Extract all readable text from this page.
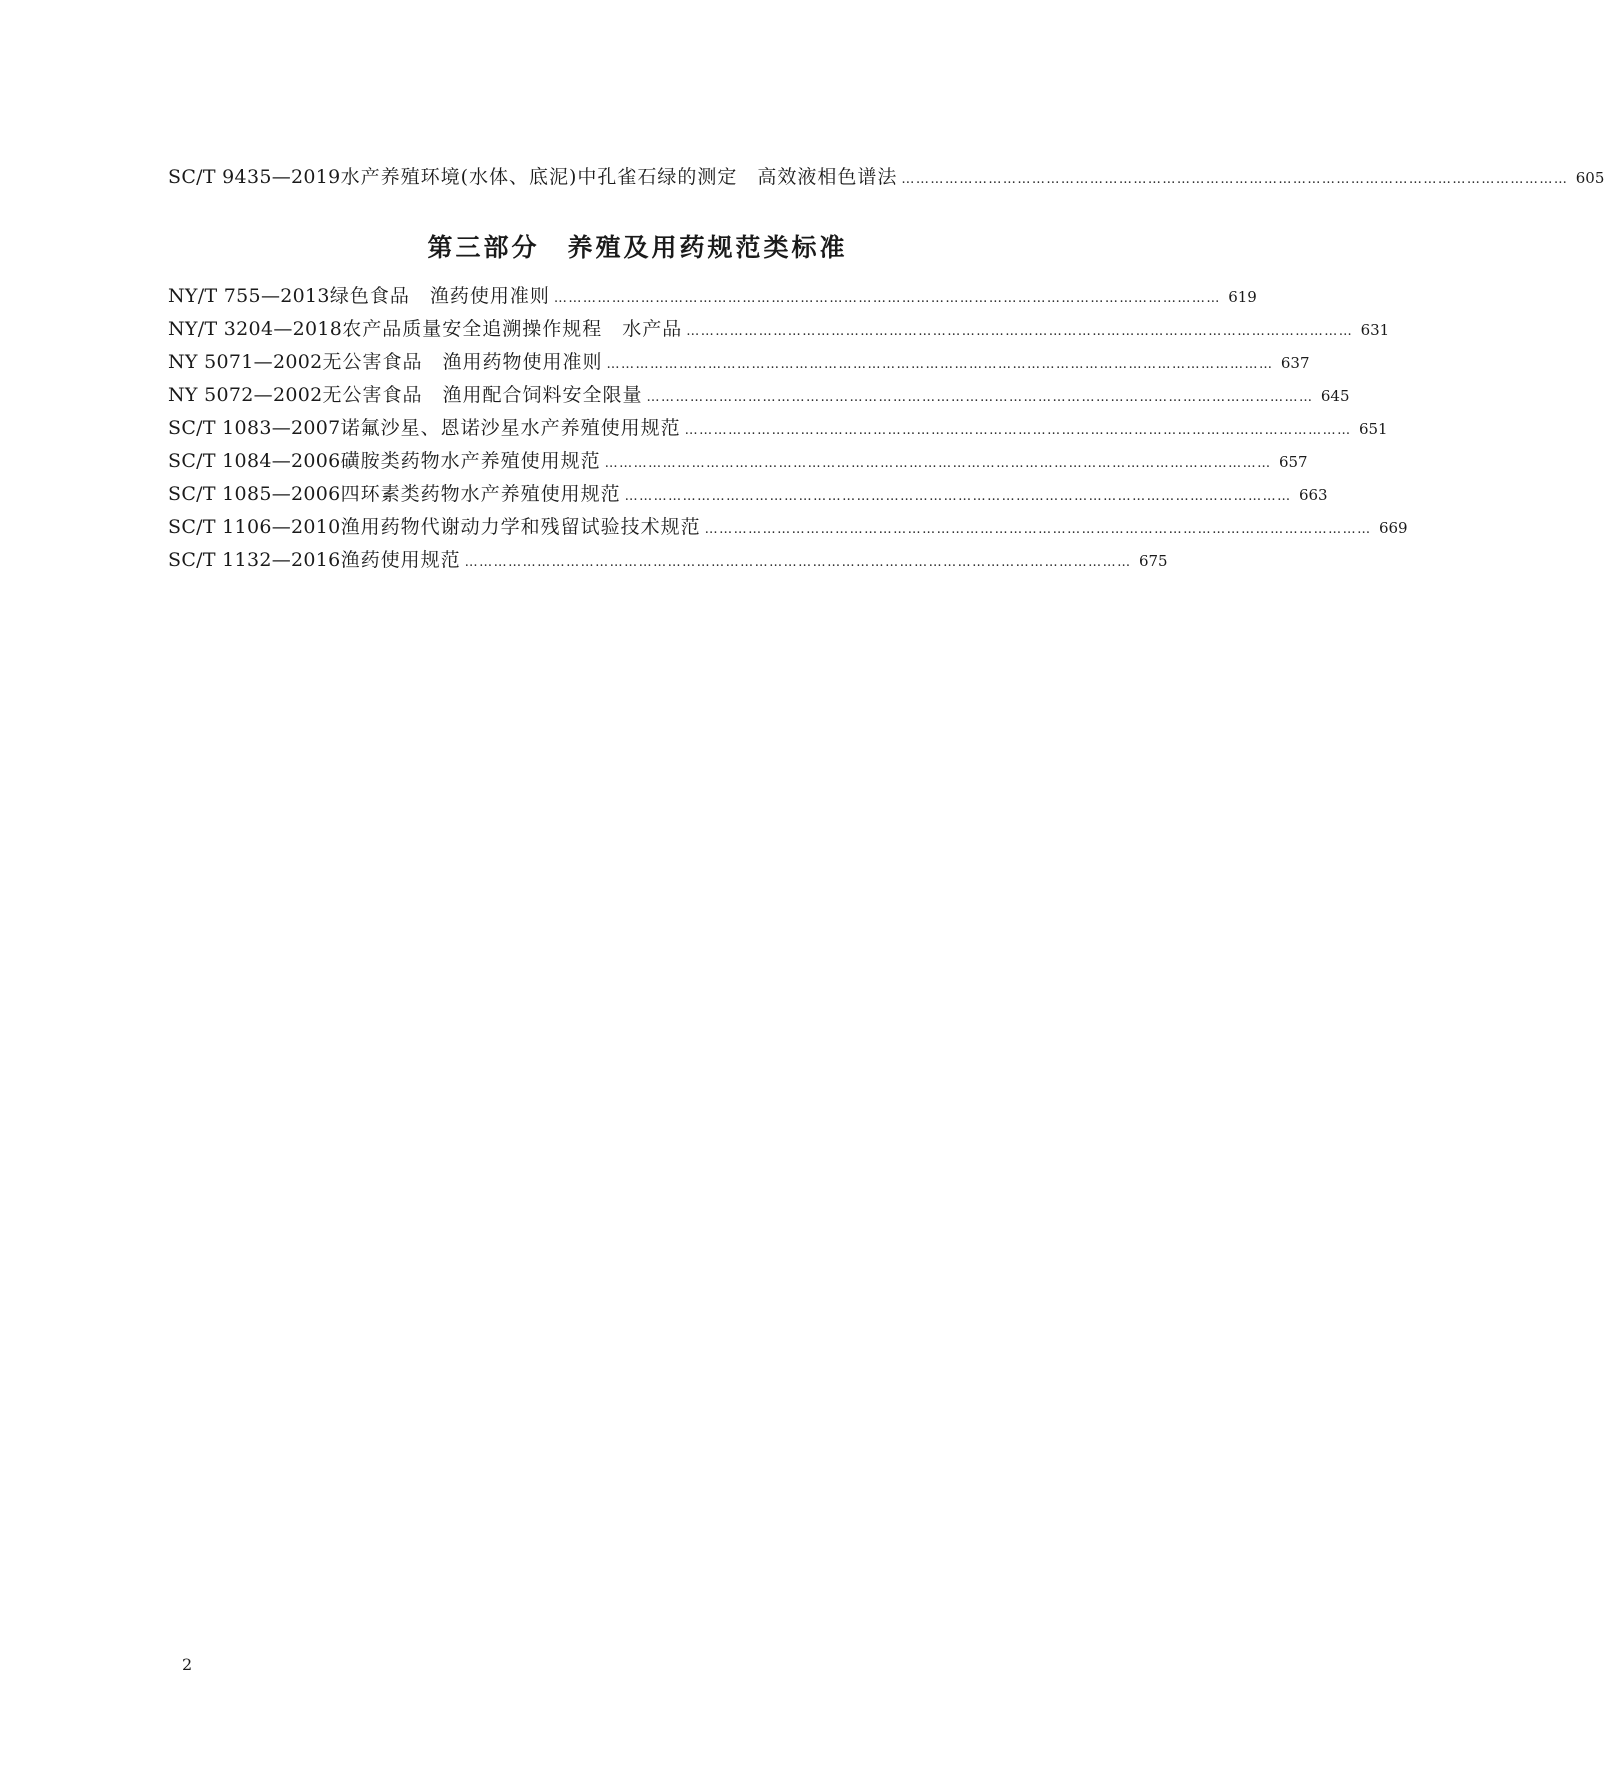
SC/T 9435—2019 水产养殖环境(水体、底泥)中孔雀石绿的测定　高效液相色谱法 ………………………………………………………………………………………………………………………… 605
第三部分　养殖及用药规范类标准
NY/T 755—2013 绿色食品　渔药使用准则 ………………………………………………………………………………………………………………………… 619
NY/T 3204—2018 农产品质量安全追溯操作规程　水产品 ………………………………………………………………………………………………………………………… 631
NY 5071—2002 无公害食品　渔用药物使用准则 ………………………………………………………………………………………………………………………… 637
NY 5072—2002 无公害食品　渔用配合饲料安全限量 ………………………………………………………………………………………………………………………… 645
SC/T 1083—2007 诺氟沙星、恩诺沙星水产养殖使用规范 ………………………………………………………………………………………………………………………… 651
SC/T 1084—2006 磺胺类药物水产养殖使用规范 ………………………………………………………………………………………………………………………… 657
SC/T 1085—2006 四环素类药物水产养殖使用规范 ………………………………………………………………………………………………………………………… 663
SC/T 1106—2010 渔用药物代谢动力学和残留试验技术规范 ………………………………………………………………………………………………………………………… 669
SC/T 1132—2016 渔药使用规范 ………………………………………………………………………………………………………………………… 675
2
